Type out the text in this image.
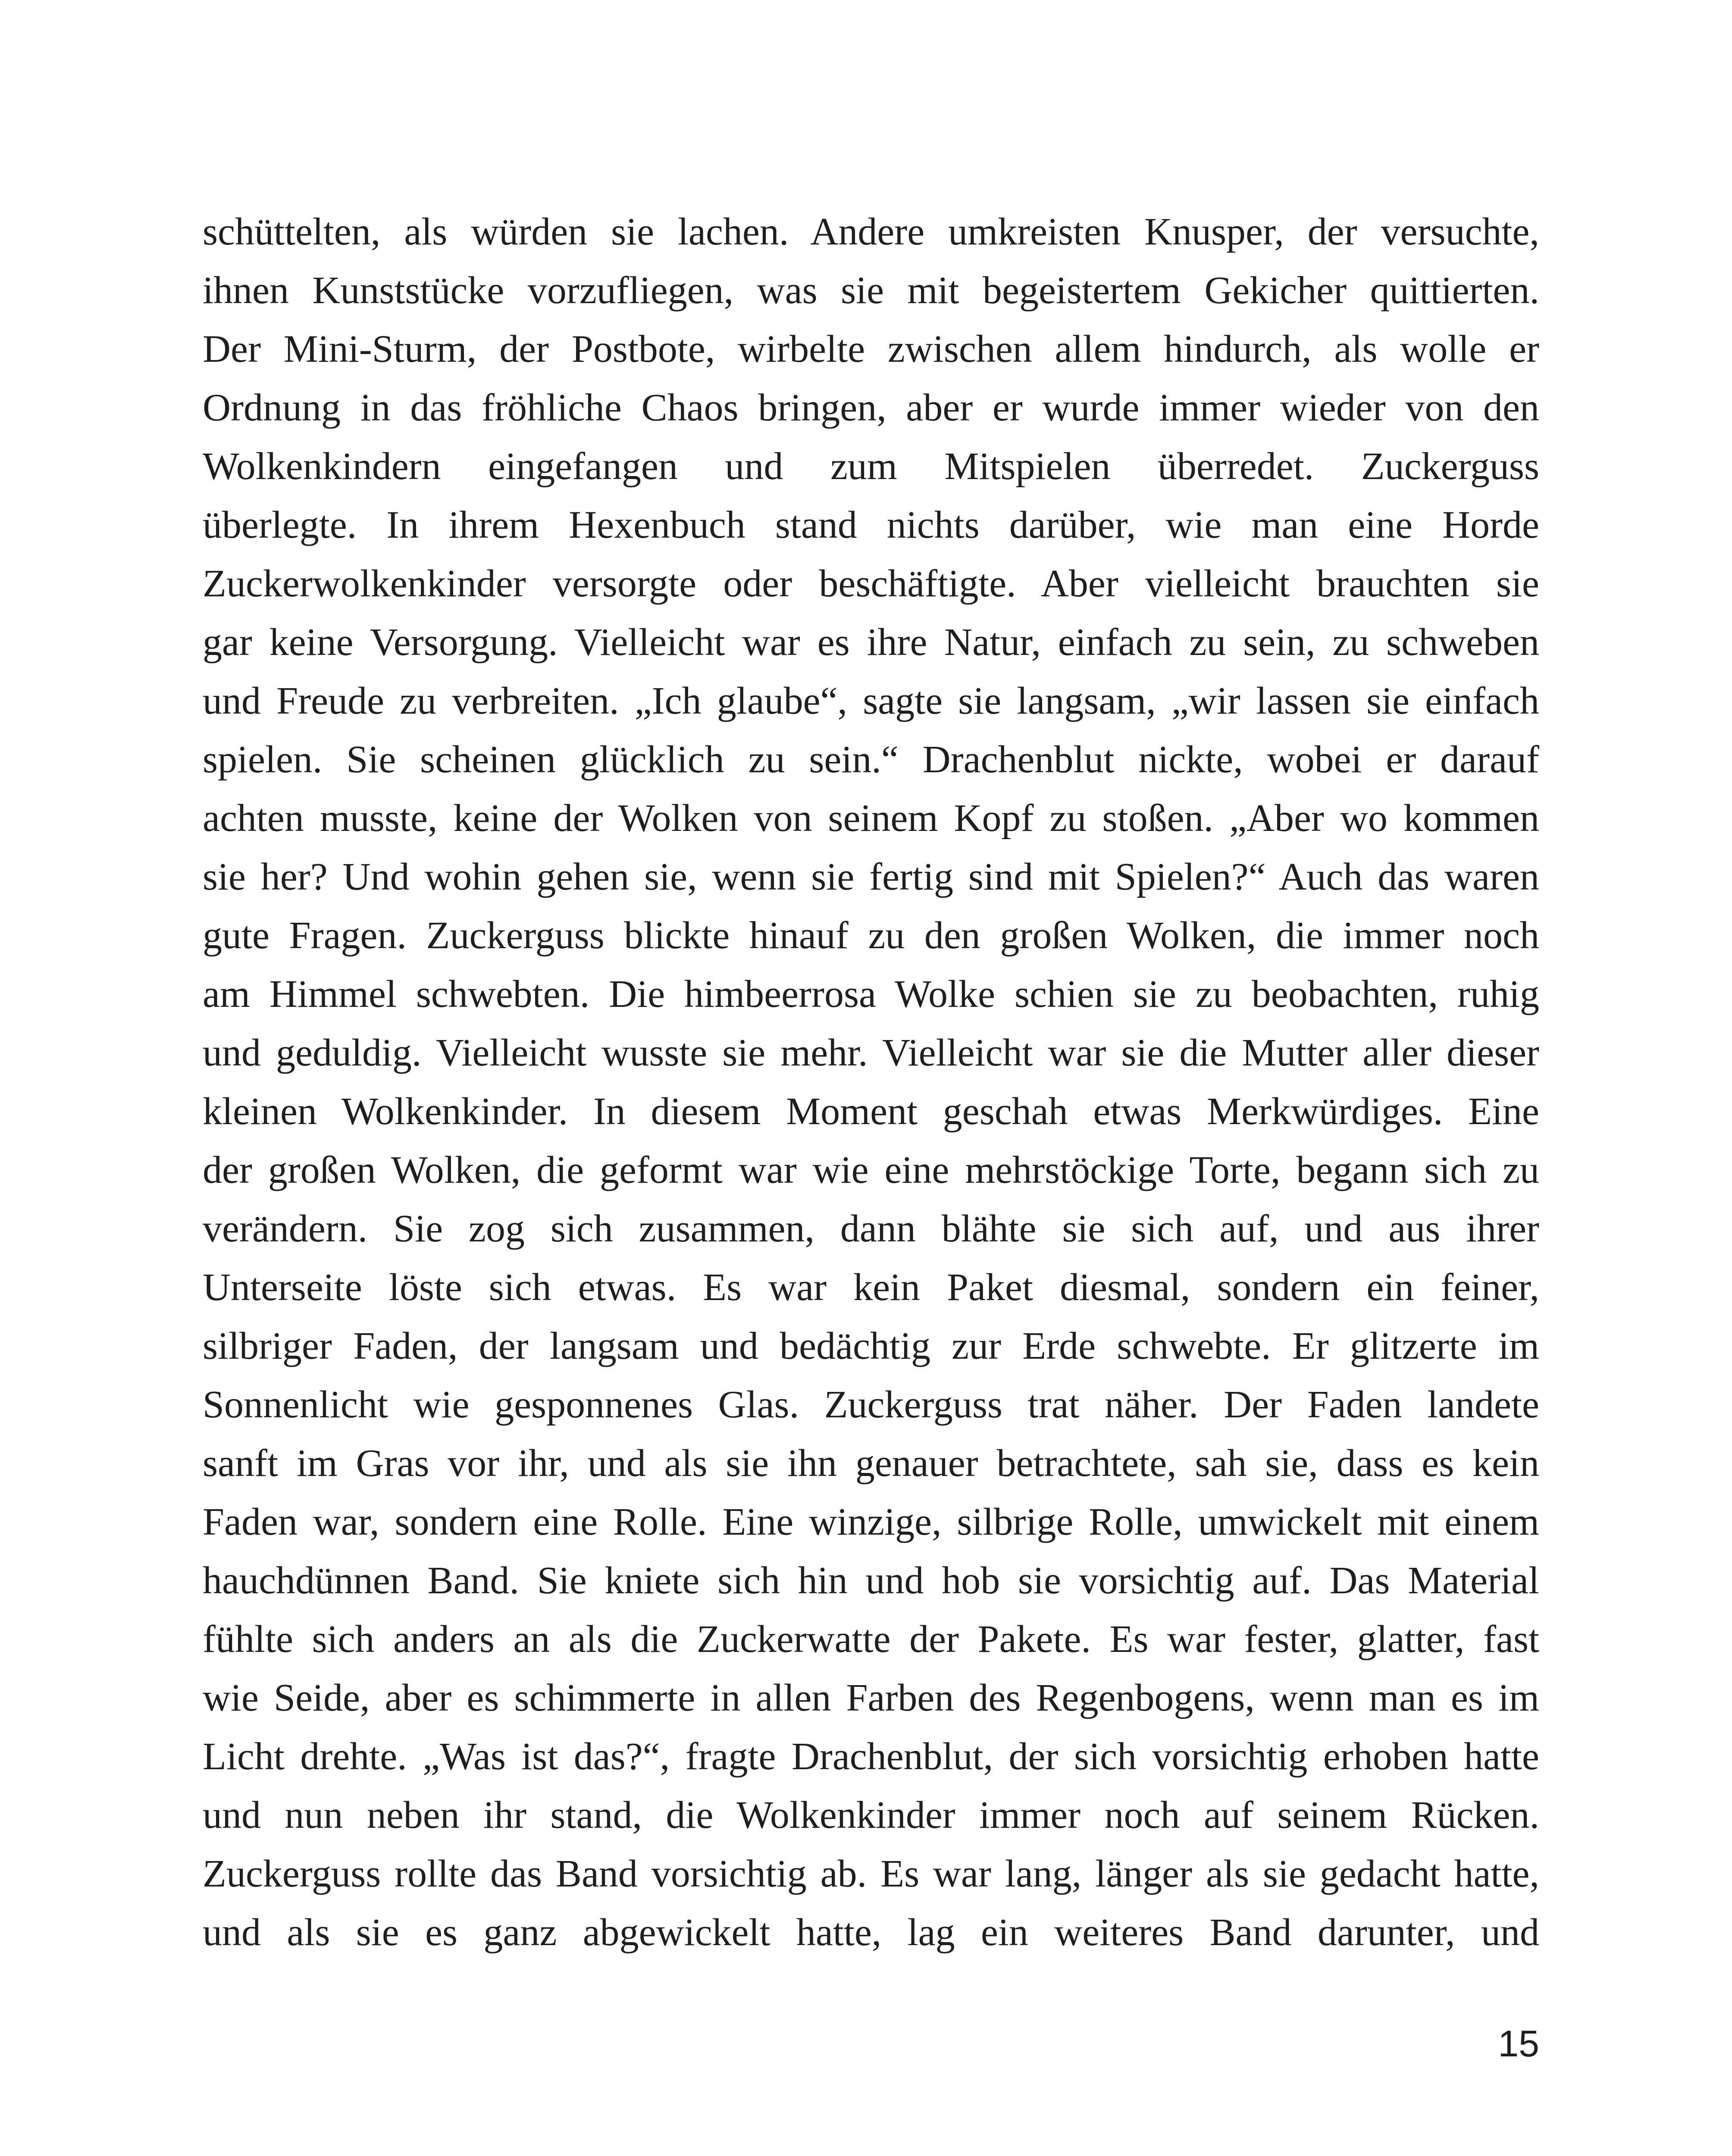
schüttelten, als würden sie lachen. Andere umkreisten Knusper, der versuchte,
ihnen Kunststücke vorzufliegen, was sie mit begeistertem Gekicher quittierten.
Der Mini-Sturm, der Postbote, wirbelte zwischen allem hindurch, als wolle er
Ordnung in das fröhliche Chaos bringen, aber er wurde immer wieder von den
Wolkenkindern eingefangen und zum Mitspielen überredet. Zuckerguss
überlegte. In ihrem Hexenbuch stand nichts darüber, wie man eine Horde
Zuckerwolkenkinder versorgte oder beschäftigte. Aber vielleicht brauchten sie
gar keine Versorgung. Vielleicht war es ihre Natur, einfach zu sein, zu schweben
und Freude zu verbreiten. „Ich glaube“, sagte sie langsam, „wir lassen sie einfach
spielen. Sie scheinen glücklich zu sein.“ Drachenblut nickte, wobei er darauf
achten musste, keine der Wolken von seinem Kopf zu stoßen. „Aber wo kommen
sie her? Und wohin gehen sie, wenn sie fertig sind mit Spielen?“ Auch das waren
gute Fragen. Zuckerguss blickte hinauf zu den großen Wolken, die immer noch
am Himmel schwebten. Die himbeerrosa Wolke schien sie zu beobachten, ruhig
und geduldig. Vielleicht wusste sie mehr. Vielleicht war sie die Mutter aller dieser
kleinen Wolkenkinder. In diesem Moment geschah etwas Merkwürdiges. Eine
der großen Wolken, die geformt war wie eine mehrstöckige Torte, begann sich zu
verändern. Sie zog sich zusammen, dann blähte sie sich auf, und aus ihrer
Unterseite löste sich etwas. Es war kein Paket diesmal, sondern ein feiner,
silbriger Faden, der langsam und bedächtig zur Erde schwebte. Er glitzerte im
Sonnenlicht wie gesponnenes Glas. Zuckerguss trat näher. Der Faden landete
sanft im Gras vor ihr, und als sie ihn genauer betrachtete, sah sie, dass es kein
Faden war, sondern eine Rolle. Eine winzige, silbrige Rolle, umwickelt mit einem
hauchdünnen Band. Sie kniete sich hin und hob sie vorsichtig auf. Das Material
fühlte sich anders an als die Zuckerwatte der Pakete. Es war fester, glatter, fast
wie Seide, aber es schimmerte in allen Farben des Regenbogens, wenn man es im
Licht drehte. „Was ist das?“, fragte Drachenblut, der sich vorsichtig erhoben hatte
und nun neben ihr stand, die Wolkenkinder immer noch auf seinem Rücken.
Zuckerguss rollte das Band vorsichtig ab. Es war lang, länger als sie gedacht hatte,
und als sie es ganz abgewickelt hatte, lag ein weiteres Band darunter, und
15
